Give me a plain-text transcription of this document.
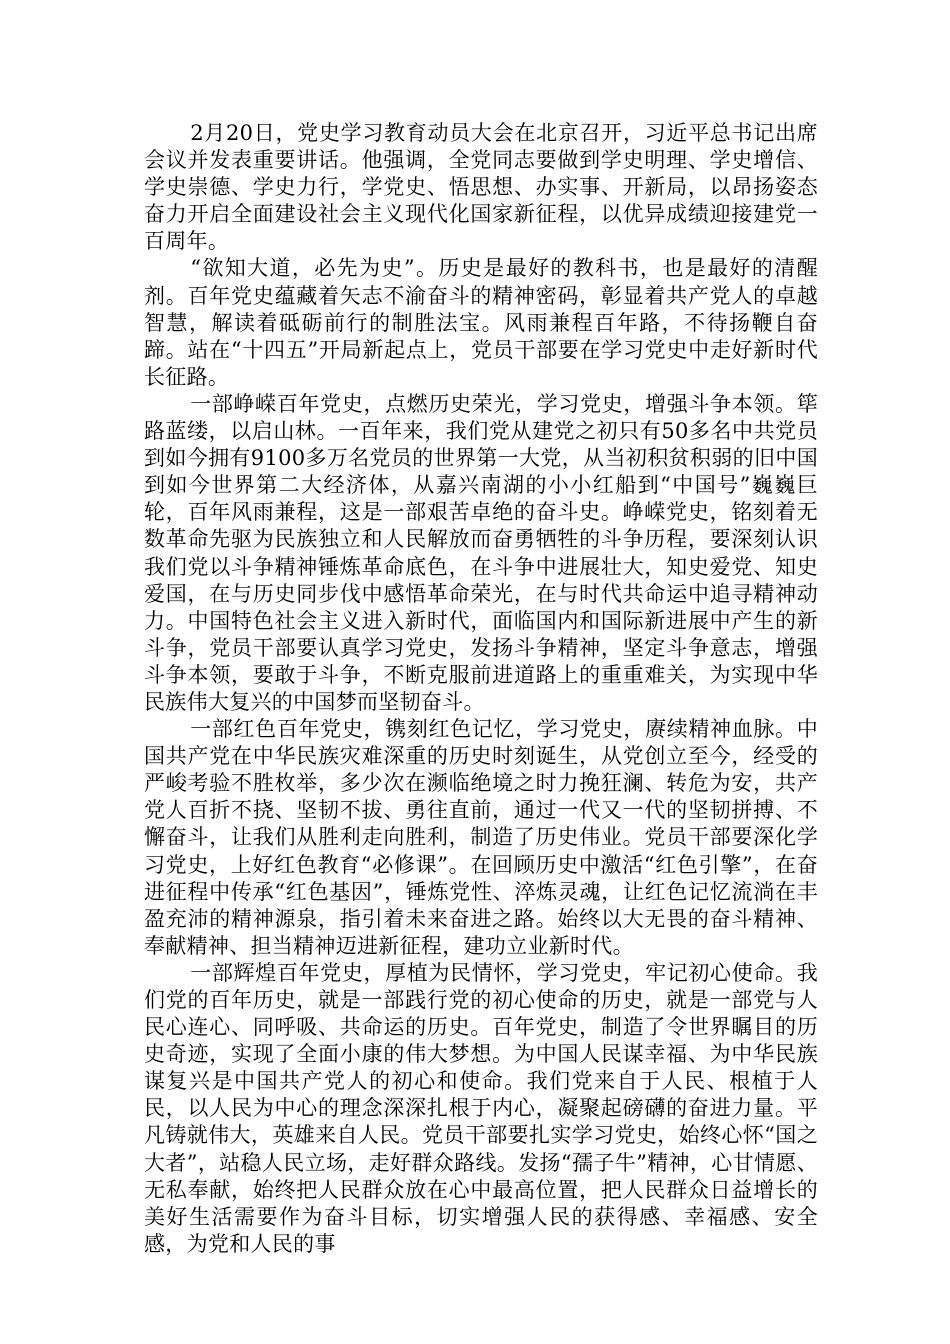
2月20日，党史学习教育动员大会在北京召开，习近平总书记出席会议并发表重要讲话。他强调，全党同志要做到学史明理、学史增信、学史崇德、学史力行，学党史、悟思想、办实事、开新局，以昂扬姿态奋力开启全面建设社会主义现代化国家新征程，以优异成绩迎接建党一百周年。

“欲知大道，必先为史”。历史是最好的教科书，也是最好的清醒剂。百年党史蕴藏着矢志不渝奋斗的精神密码，彰显着共产党人的卓越智慧，解读着砥砺前行的制胜法宝。风雨兼程百年路，不待扬鞭自奋蹄。站在“十四五”开局新起点上，党员干部要在学习党史中走好新时代长征路。

一部峥嵘百年党史，点燃历史荣光，学习党史，增强斗争本领。筚路蓝缕，以启山林。一百年来，我们党从建党之初只有50多名中共党员到如今拥有9100多万名党员的世界第一大党，从当初积贫积弱的旧中国到如今世界第二大经济体，从嘉兴南湖的小小红船到“中国号”巍巍巨轮，百年风雨兼程，这是一部艰苦卓绝的奋斗史。峥嵘党史，铭刻着无数革命先驱为民族独立和人民解放而奋勇牺牲的斗争历程，要深刻认识我们党以斗争精神锤炼革命底色，在斗争中进展壮大，知史爱党、知史爱国，在与历史同步伐中感悟革命荣光，在与时代共命运中追寻精神动力。中国特色社会主义进入新时代，面临国内和国际新进展中产生的新斗争，党员干部要认真学习党史，发扬斗争精神，坚定斗争意志，增强斗争本领，要敢于斗争，不断克服前进道路上的重重难关，为实现中华民族伟大复兴的中国梦而坚韧奋斗。

一部红色百年党史，镌刻红色记忆，学习党史，赓续精神血脉。中国共产党在中华民族灾难深重的历史时刻诞生，从党创立至今，经受的严峻考验不胜枚举，多少次在濒临绝境之时力挽狂澜、转危为安，共产党人百折不挠、坚韧不拔、勇往直前，通过一代又一代的坚韧拼搏、不懈奋斗，让我们从胜利走向胜利，制造了历史伟业。党员干部要深化学习党史，上好红色教育“必修课”。在回顾历史中激活“红色引擎”，在奋进征程中传承“红色基因”，锤炼党性、淬炼灵魂，让红色记忆流淌在丰盈充沛的精神源泉，指引着未来奋进之路。始终以大无畏的奋斗精神、奉献精神、担当精神迈进新征程，建功立业新时代。

一部辉煌百年党史，厚植为民情怀，学习党史，牢记初心使命。我们党的百年历史，就是一部践行党的初心使命的历史，就是一部党与人民心连心、同呼吸、共命运的历史。百年党史，制造了令世界瞩目的历史奇迹，实现了全面小康的伟大梦想。为中国人民谋幸福、为中华民族谋复兴是中国共产党人的初心和使命。我们党来自于人民、根植于人民，以人民为中心的理念深深扎根于内心，凝聚起磅礴的奋进力量。平凡铸就伟大，英雄来自人民。党员干部要扎实学习党史，始终心怀“国之大者”，站稳人民立场，走好群众路线。发扬“孺子牛”精神，心甘情愿、无私奉献，始终把人民群众放在心中最高位置，把人民群众日益增长的美好生活需要作为奋斗目标，切实增强人民的获得感、幸福感、安全感，为党和人民的事
